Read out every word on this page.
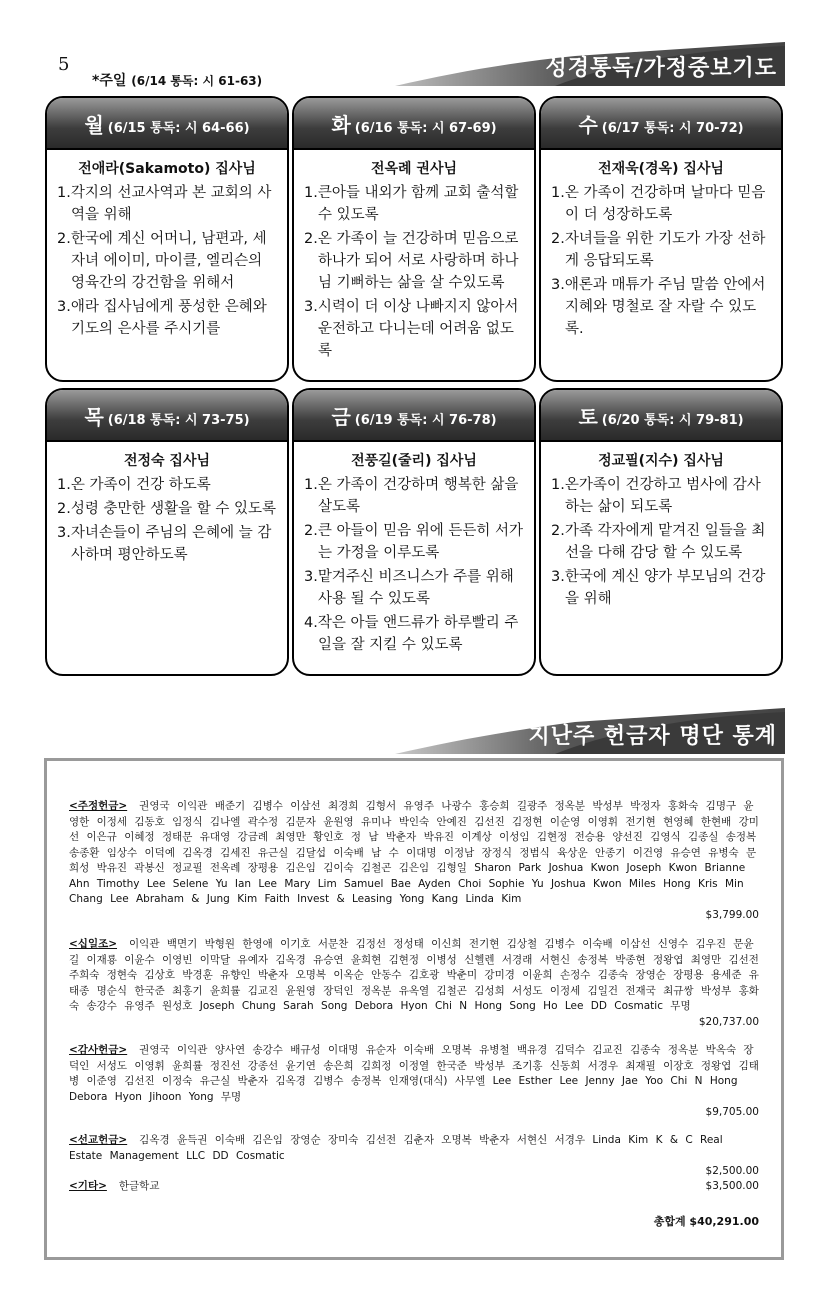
5
*주일 (6/14 통독: 시 61-63)	성경통독/가정중보기도
월 (6/15 통독: 시 64-66)
전애라(Sakamoto) 집사님
1.각지의 선교사역과 본 교회의 사역을 위해
2.한국에 계신 어머니, 남편과, 세 자녀 에이미, 마이클, 엘리슨의 영육간의 강건함을 위해서
3.애라 집사님에게 풍성한 은혜와 기도의 은사를 주시기를
화 (6/16 통독: 시 67-69)
전옥례 권사님
1.큰아들 내외가 함께 교회 출석할 수 있도록
2.온 가족이 늘 건강하며 믿음으로 하나가 되어 서로 사랑하며 하나님 기뻐하는 삶을 살 수있도록
3.시력이 더 이상 나빠지지 않아서 운전하고 다니는데 어려움 없도록
수 (6/17 통독: 시 70-72)
전재욱(경옥) 집사님
1.온 가족이 건강하며 날마다 믿음이 더 성장하도록
2.자녀들을 위한 기도가 가장 선하게 응답되도록
3.애론과 매튜가 주님 말씀 안에서 지혜와 명철로 잘 자랄 수 있도록.
목 (6/18 통독: 시 73-75)
전정숙 집사님
1.온 가족이 건강 하도록
2.성령 충만한 생활을 할 수 있도록
3.자녀손들이 주님의 은혜에 늘 감사하며 평안하도록
금 (6/19 통독: 시 76-78)
전풍길(줄리) 집사님
1.온 가족이 건강하며 행복한 삶을 살도록
2.큰 아들이 믿음 위에 든든히 서가는 가정을 이루도록
3.맡겨주신 비즈니스가 주를 위해 사용 될 수 있도록
4.작은 아들 앤드류가 하루빨리 주일을 잘 지킬 수 있도록
토 (6/20 통독: 시 79-81)
정교필(지수) 집사님
1.온가족이 건강하고 범사에 감사하는 삶이 되도록
2.가족 각자에게 맡겨진 일들을 최선을 다해 감당 할 수 있도록
3.한국에 계신 양가 부모님의 건강을 위해
지난주 헌금자 명단 통계
<주정헌금> 권영국 이익관 배준기 김병수 이삼선 최경희 김형서 유영주 나광수 홍승희 길광주 정옥분 박성부 박정자 홍화숙 김명구 윤영한 이정세 김동호 임정식 김나엘 곽수정 김문자 윤원영 유미나 박인숙 안예진 김선진 김정현 이순영 이영휘 전기현 현영혜 한현배 강미선 이은규 이혜정 정태문 유대영 강금례 최영만 황인호 정 남 박춘자 박유진 이계상 이성임 김현정 전승용 양선진 김영식 김종실 송정복 송종환 임상수 이덕예 김옥경 김세진 유근실 김달섭 이숙배 남 수 이대명 이정남 장정식 정범식 육상운 안종기 이건영 유승연 유병숙 문희성 박유진 곽봉신 정교필 전옥례 장평용 김은임 김이숙 김철곤 김은임 김형일 Sharon Park Joshua Kwon Joseph Kwon Brianne Ahn Timothy Lee Selene Yu Ian Lee Mary Lim Samuel Bae Ayden Choi Sophie Yu Joshua Kwon Miles Hong Kris Min Chang Lee Abraham & Jung Kim Faith Invest & Leasing Yong Kang Linda Kim
$3,799.00
<십일조> 이익관 백면기 박형원 한영애 이기호 서문찬 김정선 정성태 이신희 전기현 김상철 김병수 이숙배 이삼선 신영수 김우진 문윤길 이재룡 이윤수 이영빈 이막달 유예자 김옥경 유승연 윤희현 김현정 이병성 신헬렌 서경래 서현신 송정복 박종현 정왕엽 최영만 김선전 주희숙 정현숙 김상호 박경훈 유향인 박춘자 오명복 이옥순 안동수 김호광 박춘미 강미경 이윤희 손정수 김종숙 장영순 장평용 용세준 유태종 명순식 한국준 최홍기 윤희률 김교진 윤원영 장덕인 정옥분 유옥열 김철곤 김성희 서성도 이정세 김일건 전재국 최규쌍 박성부 홍화숙 송강수 유영주 원성호 Joseph Chung Sarah Song Debora Hyon Chi N Hong Song Ho Lee DD Cosmatic 무명
$20,737.00
<감사헌금> 권영국 이익관 양사연 송강수 배규성 이대명 유순자 이숙배 오명복 유병철 백유경 김덕수 김교진 김종숙 정옥분 박옥숙 장덕인 서성도 이영휘 윤희률 정진선 강종선 윤기연 송은희 김희정 이정열 한국준 박성부 조기홍 신동희 서경우 최재필 이장호 정왕엽 김태병 이준영 김선진 이정숙 유근실 박춘자 김옥경 김병수 송정복 인재영(대식) 사무엘 Lee Esther Lee Jenny Jae Yoo Chi N Hong Debora Hyon Jihoon Yong 무명
$9,705.00
<선교헌금> 김옥경 윤득권 이숙배 김은임 장영순 장미숙 김선전 김춘자 오명복 박춘자 서현신 서경우 Linda Kim K & C Real Estate Management LLC DD Cosmatic
$2,500.00
<기타> 한글학교	$3,500.00
총합계 $40,291.00
